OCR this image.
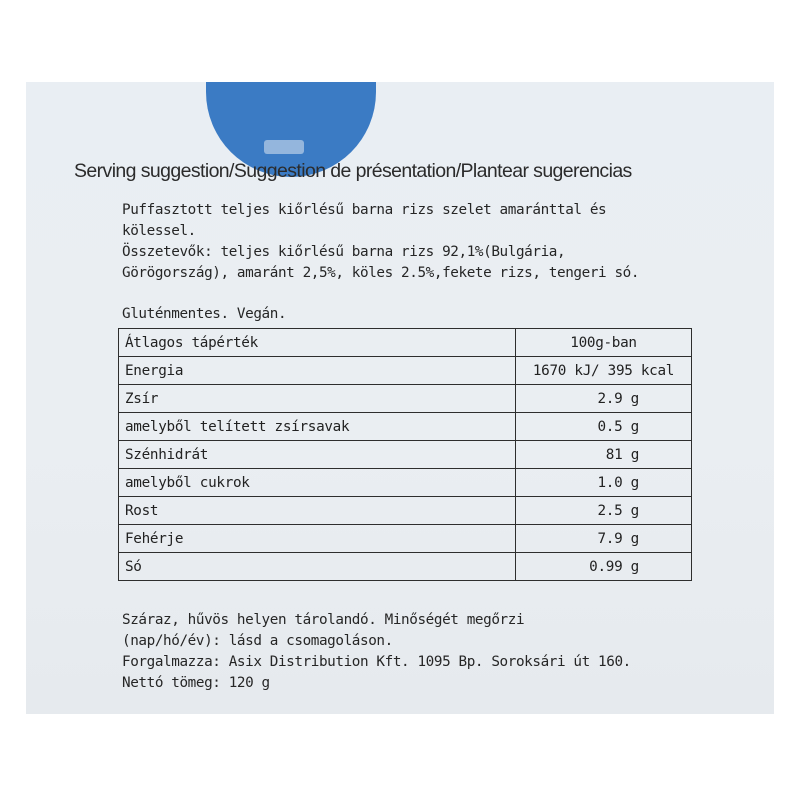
Serving suggestion/Suggestion de présentation/Plantear sugerencias
Puffasztott teljes kiőrlésű barna rizs szelet amaránttal és
kölessel.
Összetevők: teljes kiőrlésű barna rizs 92,1%(Bulgária,
Görögország), amaránt 2,5%, köles 2.5%,fekete rizs, tengeri só.
Gluténmentes. Vegán.
Átlagos tápérték	100g-ban
Energia	1670 kJ/ 395 kcal
Zsír	2.9 g
amelyből telített zsírsavak	0.5 g
Szénhidrát	81 g
amelyből cukrok	1.0 g
Rost	2.5 g
Fehérje	7.9 g
Só	0.99 g
Száraz, hűvös helyen tárolandó. Minőségét megőrzi
(nap/hó/év): lásd a csomagoláson.
Forgalmazza: Asix Distribution Kft. 1095 Bp. Soroksári út 160.
Nettó tömeg: 120 g
